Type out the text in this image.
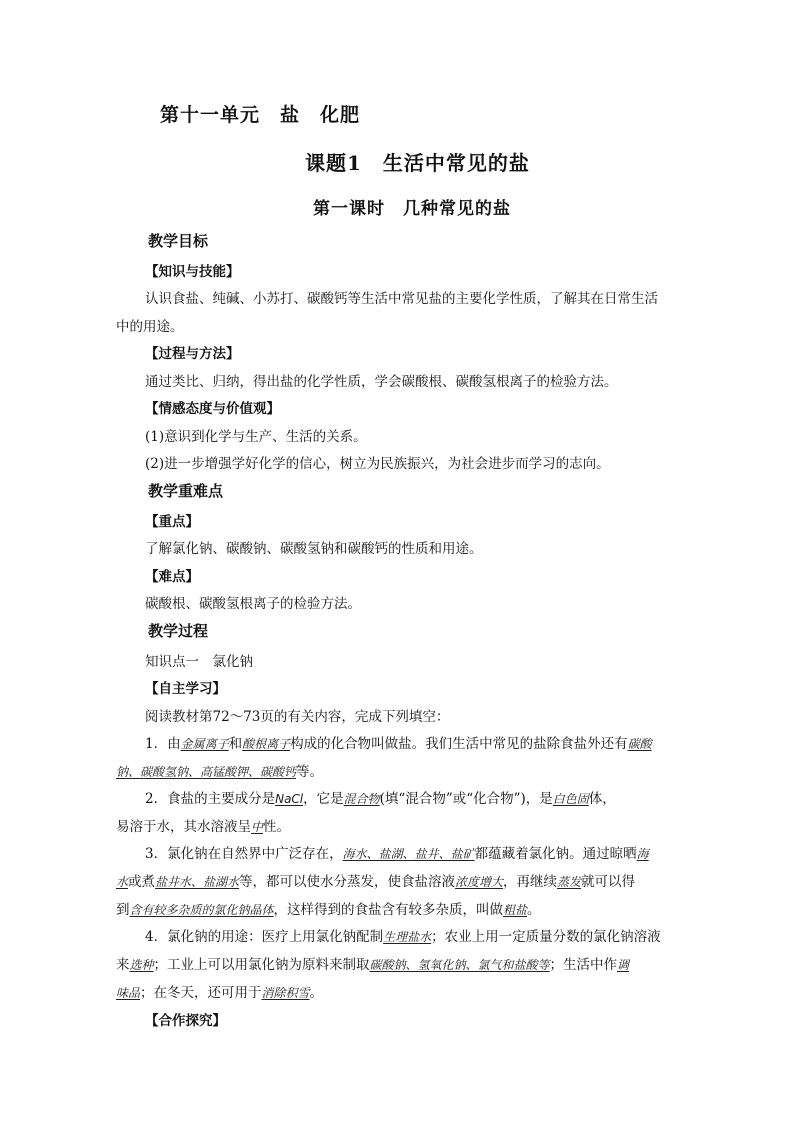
第十一单元　盐　化肥
课题1　生活中常见的盐
第一课时　几种常见的盐
教学目标
【知识与技能】
认识食盐、纯碱、小苏打、碳酸钙等生活中常见盐的主要化学性质，了解其在日常生活
中的用途。
【过程与方法】
通过类比、归纳，得出盐的化学性质，学会碳酸根、碳酸氢根离子的检验方法。
【情感态度与价值观】
(1)意识到化学与生产、生活的关系。
(2)进一步增强学好化学的信心，树立为民族振兴，为社会进步而学习的志向。
教学重难点
【重点】
了解氯化钠、碳酸钠、碳酸氢钠和碳酸钙的性质和用途。
【难点】
碳酸根、碳酸氢根离子的检验方法。
教学过程
知识点一　氯化钠
【自主学习】
阅读教材第72～73页的有关内容，完成下列填空：
1．由金属离子和酸根离子构成的化合物叫做盐。我们生活中常见的盐除食盐外还有碳酸
钠、碳酸氢钠、高锰酸钾、碳酸钙等。
2．食盐的主要成分是NaCl，它是混合物(填“混合物”或“化合物”)，是白色固体，
易溶于水，其水溶液呈中性。
3．氯化钠在自然界中广泛存在，海水、盐湖、盐井、盐矿都蕴藏着氯化钠。通过晾晒海
水或煮盐井水、盐湖水等，都可以使水分蒸发，使食盐溶液浓度增大，再继续蒸发就可以得
到含有较多杂质的氯化钠晶体，这样得到的食盐含有较多杂质，叫做粗盐。
4．氯化钠的用途：医疗上用氯化钠配制生理盐水；农业上用一定质量分数的氯化钠溶液
来选种；工业上可以用氯化钠为原料来制取碳酸钠、氢氧化钠、氯气和盐酸等；生活中作调
味品；在冬天，还可用于消除积雪。
【合作探究】
